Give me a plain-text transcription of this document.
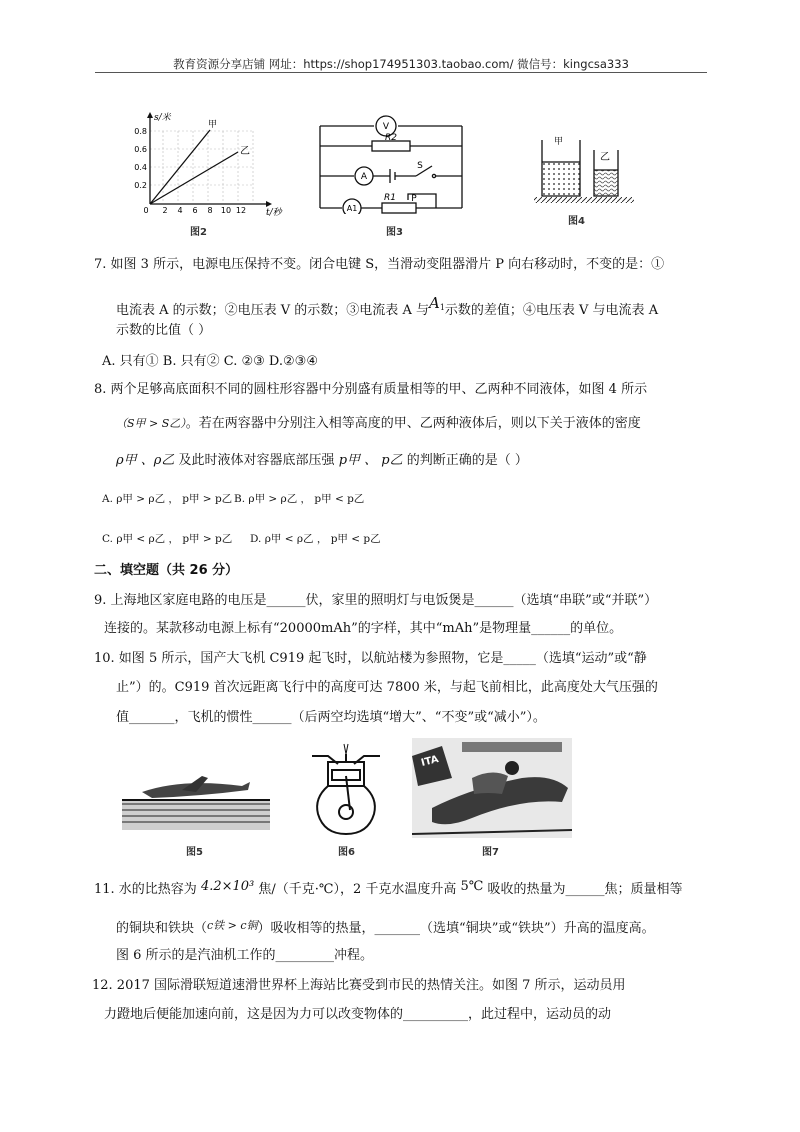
教育资源分享店铺 网址：https://shop174951303.taobao.com/ 微信号：kingcsa333
s/米
t/秒
甲
乙
0.8
0.6
0.4
0.2
0 2 4 6 8 10 12
图2
V
A
A1
R2
S
R1 P
图3
甲
乙
图4
7. 如图 3 所示，电源电压保持不变。闭合电键 S，当滑动变阻器滑片 P 向右移动时，不变的是：①
电流表 A 的示数；②电压表 V 的示数；③电流表 A 与$A^1$示数的差值；④电压表 V 与电流表 A
示数的比值（ ）
A. 只有① B. 只有② C. ②③ D.②③④
8. 两个足够高底面积不同的圆柱形容器中分别盛有质量相等的甲、乙两种不同液体，如图 4 所示
（S甲 > S乙）。若在两容器中分别注入相等高度的甲、乙两种液体后，则以下关于液体的密度
ρ甲 、ρ乙 及此时液体对容器底部压强 p甲 、 p乙 的判断正确的是（ ）
A. ρ甲 > ρ乙 ， p甲 > p乙 B. ρ甲 > ρ乙 ， p甲 < p乙
C. ρ甲 < ρ乙 ， p甲 > p乙 D. ρ甲 < ρ乙 ， p甲 < p乙
二、填空题（共 26 分）
9. 上海地区家庭电路的电压是______伏，家里的照明灯与电饭煲是______（选填“串联”或“并联”）
连接的。某款移动电源上标有“20000mAh”的字样，其中“mAh”是物理量______的单位。
10. 如图 5 所示，国产大飞机 C919 起飞时，以航站楼为参照物，它是_____（选填“运动”或“静
止”）的。C919 首次远距离飞行中的高度可达 7800 米，与起飞前相比，此高度处大气压强的
值_______，飞机的惯性______（后两空均选填“增大”、“不变”或“减小”）。
图5	图6
ITA
图7
11. 水的比热容为 4.2×10³ 焦/（千克·℃），2 千克水温度升高 5℃ 吸收的热量为______焦；质量相等
的铜块和铁块（$^{c铁 > c铜}$）吸收相等的热量，_______（选填“铜块”或“铁块”）升高的温度高。
图 6 所示的是汽油机工作的_________冲程。
12. 2017 国际滑联短道速滑世界杯上海站比赛受到市民的热情关注。如图 7 所示，运动员用
力蹬地后便能加速向前，这是因为力可以改变物体的__________，此过程中，运动员的动
